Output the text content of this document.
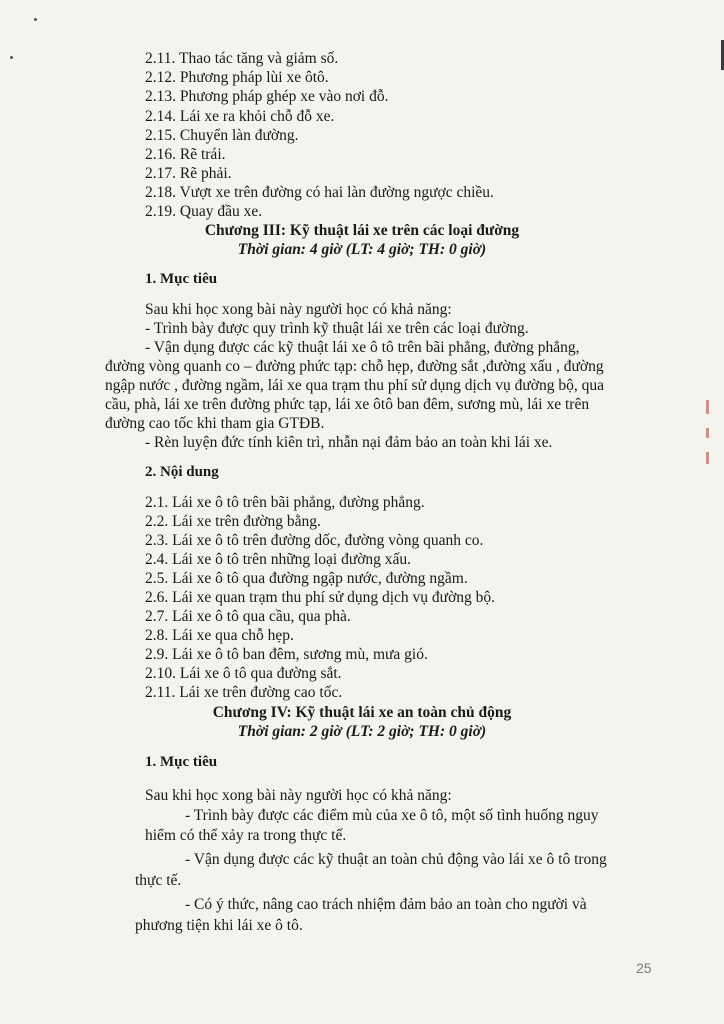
2.11. Thao tác tăng và giảm số.
2.12. Phương pháp lùi xe ôtô.
2.13. Phương pháp ghép xe vào nơi đỗ.
2.14. Lái xe ra khỏi chỗ đỗ xe.
2.15. Chuyển làn đường.
2.16. Rẽ trái.
2.17. Rẽ phải.
2.18. Vượt xe trên đường có hai làn đường ngược chiều.
2.19. Quay đầu xe.
Chương III: Kỹ thuật lái xe trên các loại đường
Thời gian: 4 giờ (LT: 4 giờ; TH: 0 giờ)
1. Mục tiêu
Sau khi học xong bài này người học có khả năng:
- Trình bày được quy trình kỹ thuật lái xe trên các loại đường.
- Vận dụng được các kỹ thuật lái xe ô tô trên bãi phẳng, đường phẳng,
đường vòng quanh co – đường phức tạp: chỗ hẹp, đường sắt ,đường xấu , đường
ngập nước , đường ngầm, lái xe qua trạm thu phí sử dụng dịch vụ đường bộ, qua
cầu, phà, lái xe trên đường phức tạp, lái xe ôtô ban đêm, sương mù, lái xe trên
đường cao tốc khi tham gia GTĐB.
- Rèn luyện đức tính kiên trì, nhẫn nại đảm bảo an toàn khi lái xe.
2. Nội dung
2.1. Lái xe ô tô trên bãi phẳng, đường phẳng.
2.2. Lái xe trên đường bằng.
2.3. Lái xe ô tô trên đường dốc, đường vòng quanh co.
2.4. Lái xe ô tô trên những loại đường xấu.
2.5. Lái xe ô tô qua đường ngập nước, đường ngầm.
2.6. Lái xe quan trạm thu phí sử dụng dịch vụ đường bộ.
2.7. Lái xe ô tô qua cầu, qua phà.
2.8. Lái xe qua chỗ hẹp.
2.9. Lái xe ô tô ban đêm, sương mù, mưa gió.
2.10. Lái xe ô tô qua đường sắt.
2.11. Lái xe trên đường cao tốc.
Chương IV: Kỹ thuật lái xe an toàn chủ động
Thời gian: 2 giờ (LT: 2 giờ; TH: 0 giờ)
1. Mục tiêu
Sau khi học xong bài này người học có khả năng:
- Trình bày được các điểm mù của xe ô tô, một số tình huống nguy
hiểm có thể xảy ra trong thực tế.
- Vận dụng được các kỹ thuật an toàn chủ động vào lái xe ô tô trong
thực tế.
- Có ý thức, nâng cao trách nhiệm đảm bảo an toàn cho người và
phương tiện khi lái xe ô tô.
25
